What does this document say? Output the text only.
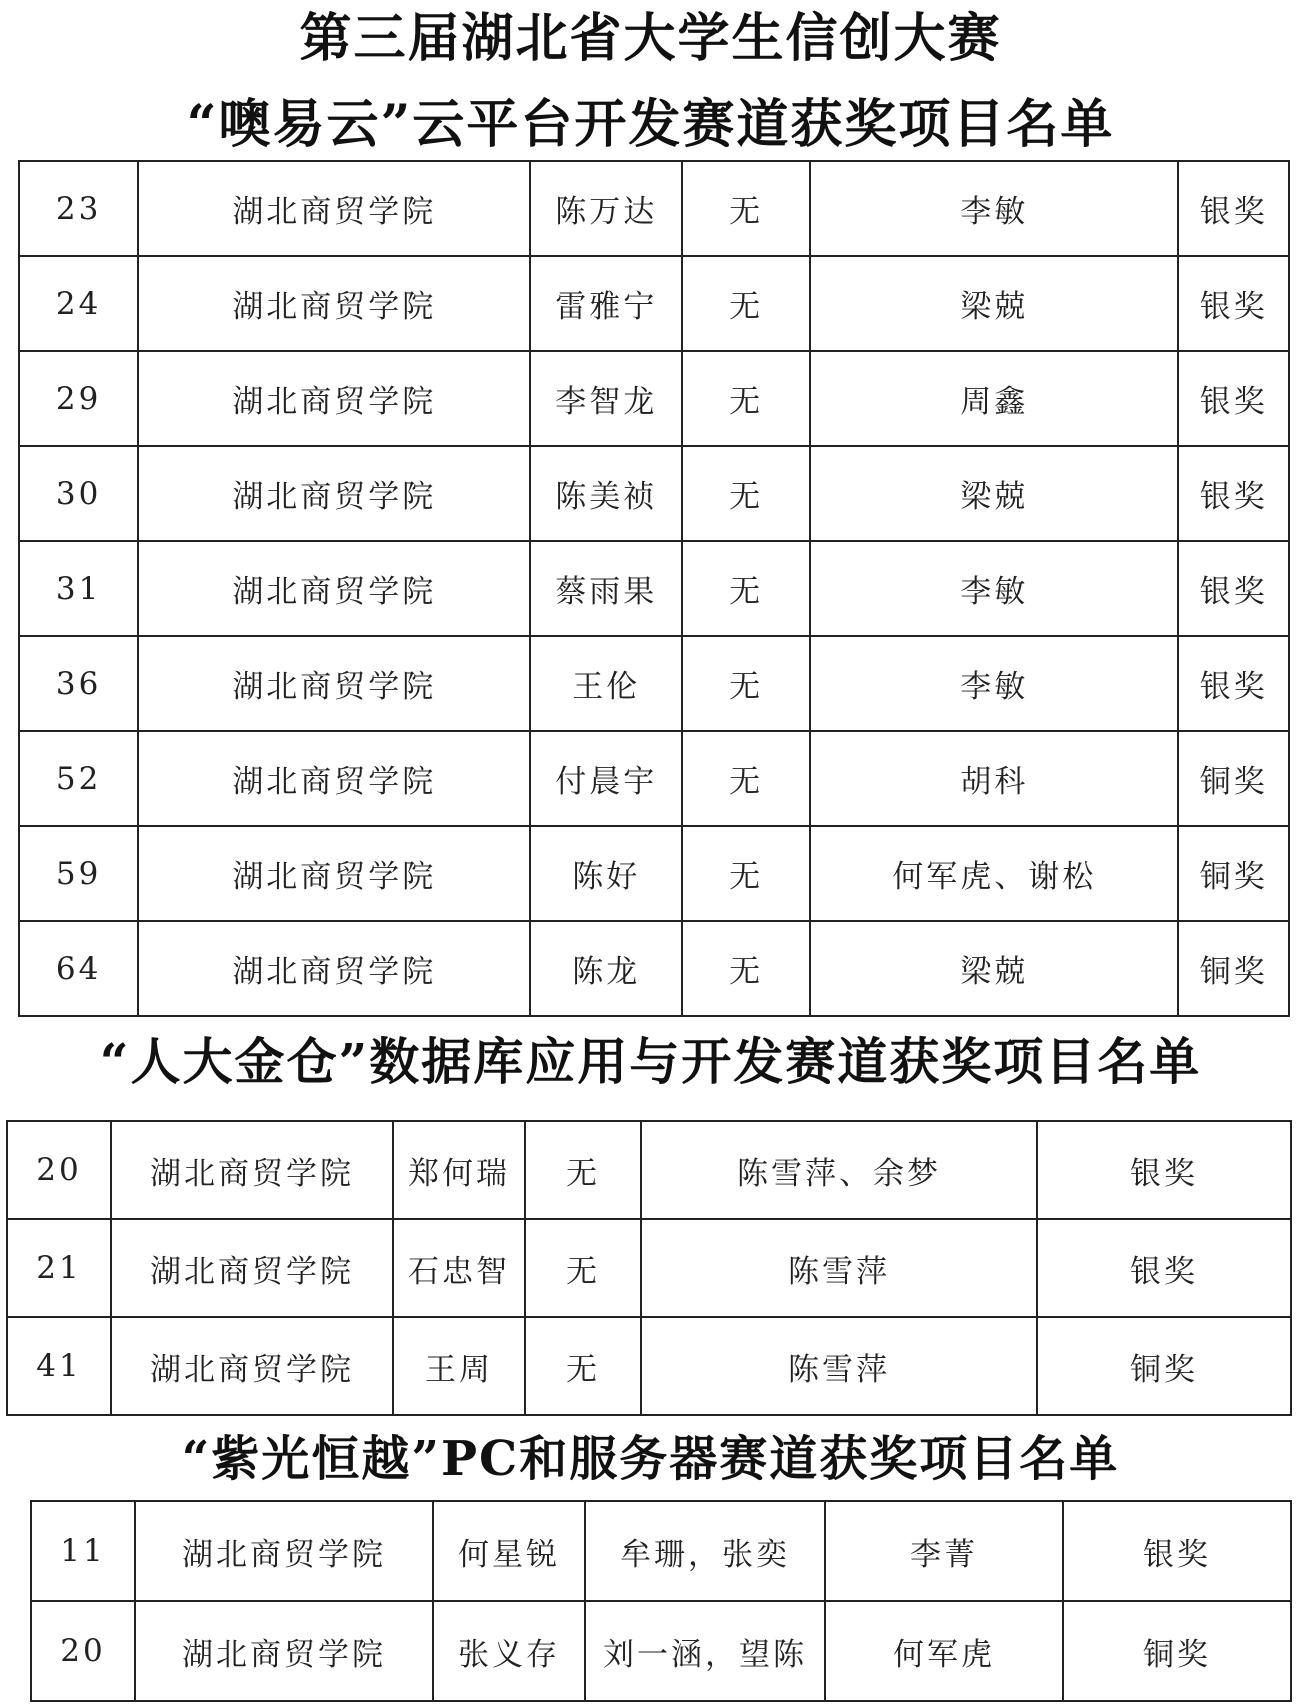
第三届湖北省大学生信创大赛
“噢易云”云平台开发赛道获奖项目名单
23	湖北商贸学院	陈万达	无	李敏	银奖
24	湖北商贸学院	雷雅宁	无	梁兢	银奖
29	湖北商贸学院	李智龙	无	周鑫	银奖
30	湖北商贸学院	陈美祯	无	梁兢	银奖
31	湖北商贸学院	蔡雨果	无	李敏	银奖
36	湖北商贸学院	王伦	无	李敏	银奖
52	湖北商贸学院	付晨宇	无	胡科	铜奖
59	湖北商贸学院	陈好	无	何军虎、谢松	铜奖
64	湖北商贸学院	陈龙	无	梁兢	铜奖
“人大金仓”数据库应用与开发赛道获奖项目名单
20	湖北商贸学院	郑何瑞	无	陈雪萍、余梦	银奖
21	湖北商贸学院	石忠智	无	陈雪萍	银奖
41	湖北商贸学院	王周	无	陈雪萍	铜奖
“紫光恒越”PC和服务器赛道获奖项目名单
11	湖北商贸学院	何星锐	牟珊，张奕	李菁	银奖
20	湖北商贸学院	张义存	刘一涵，望陈	何军虎	铜奖
